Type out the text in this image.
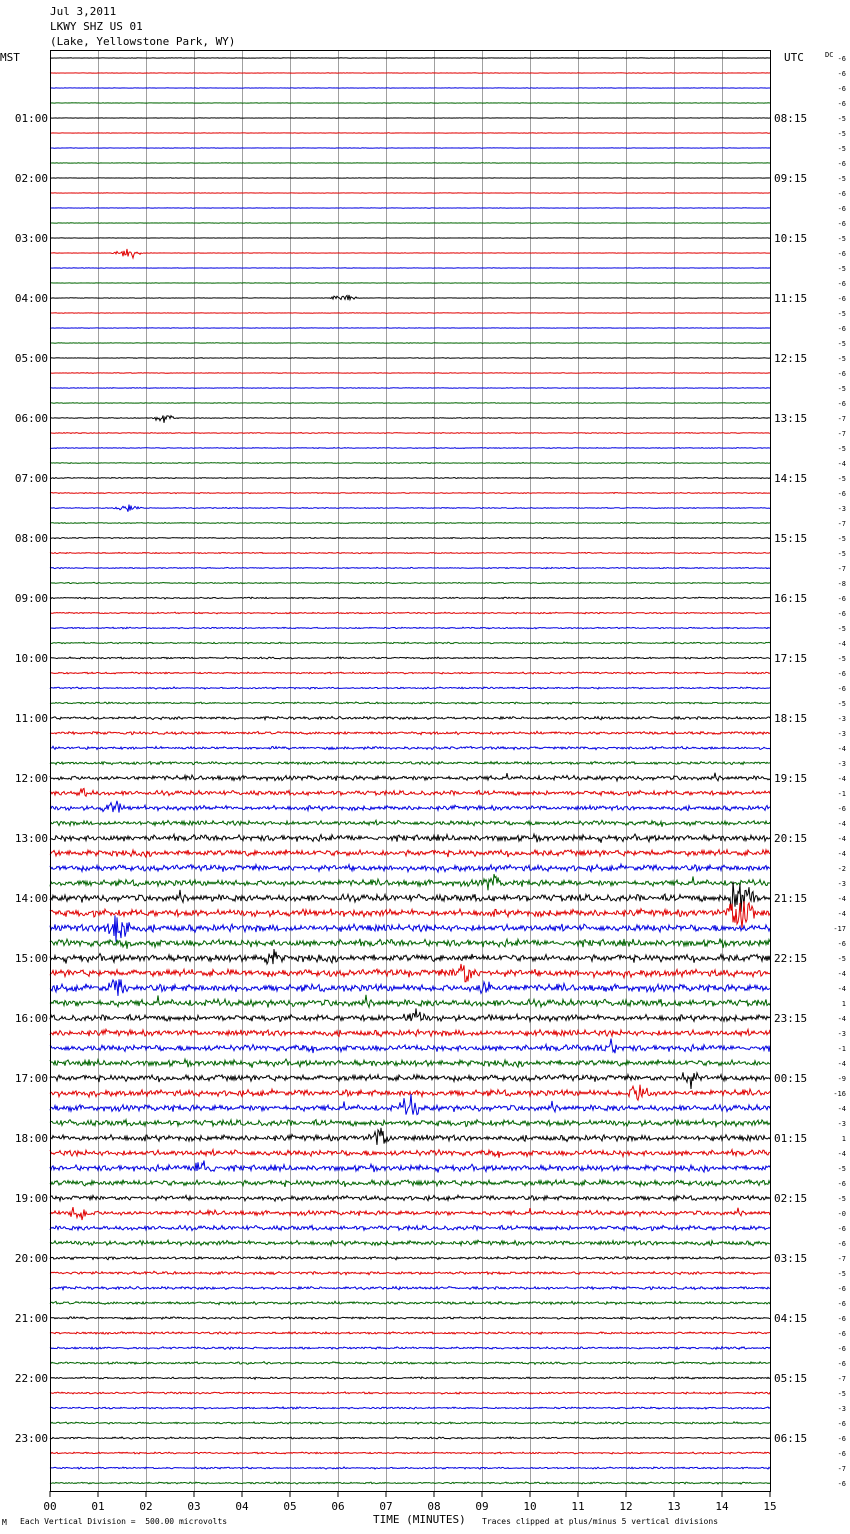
Jul 3,2011
LKWY SHZ US 01
(Lake, Yellowstone Park, WY)
00	01	02	03	04	05	06	07	08	09	10	11	12	13	14	15
01:00
02:00
03:00
04:00
05:00
06:00
07:00
08:00
09:00
10:00
11:00
12:00
13:00
14:00
15:00
16:00
17:00
18:00
19:00
20:00
21:00
22:00
23:00
08:15
09:15
10:15
11:15
12:15
13:15
14:15
15:15
16:15
17:15
18:15
19:15
20:15
21:15
22:15
23:15
00:15
01:15
02:15
03:15
04:15
05:15
06:15
-6
-6
-6
-6
-5
-5
-5
-6
-5
-6
-6
-6
-5
-6
-5
-6
-6
-5
-6
-5
-5
-6
-5
-6
-7
-7
-5
-4
-5
-6
-3
-7
-5
-5
-7
-8
-6
-6
-5
-4
-5
-6
-6
-5
-3
-3
-4
-3
-4
-1
-6
-4
-4
-4
-2
-3
-4
-4
-17
-6
-5
-4
-4
1
-4
-3
-1
-4
-9
-16
-4
-3
1
-4
-5
-6
-5
-0
-6
-6
-7
-5
-6
-6
-6
-6
-6
-6
-7
-5
-3
-6
-6
-6
-7
-6
MST	UTC	DC
TIME (MINUTES)
M Each Vertical Division =  500.00 microvolts	Traces clipped at plus/minus 5 vertical divisions
